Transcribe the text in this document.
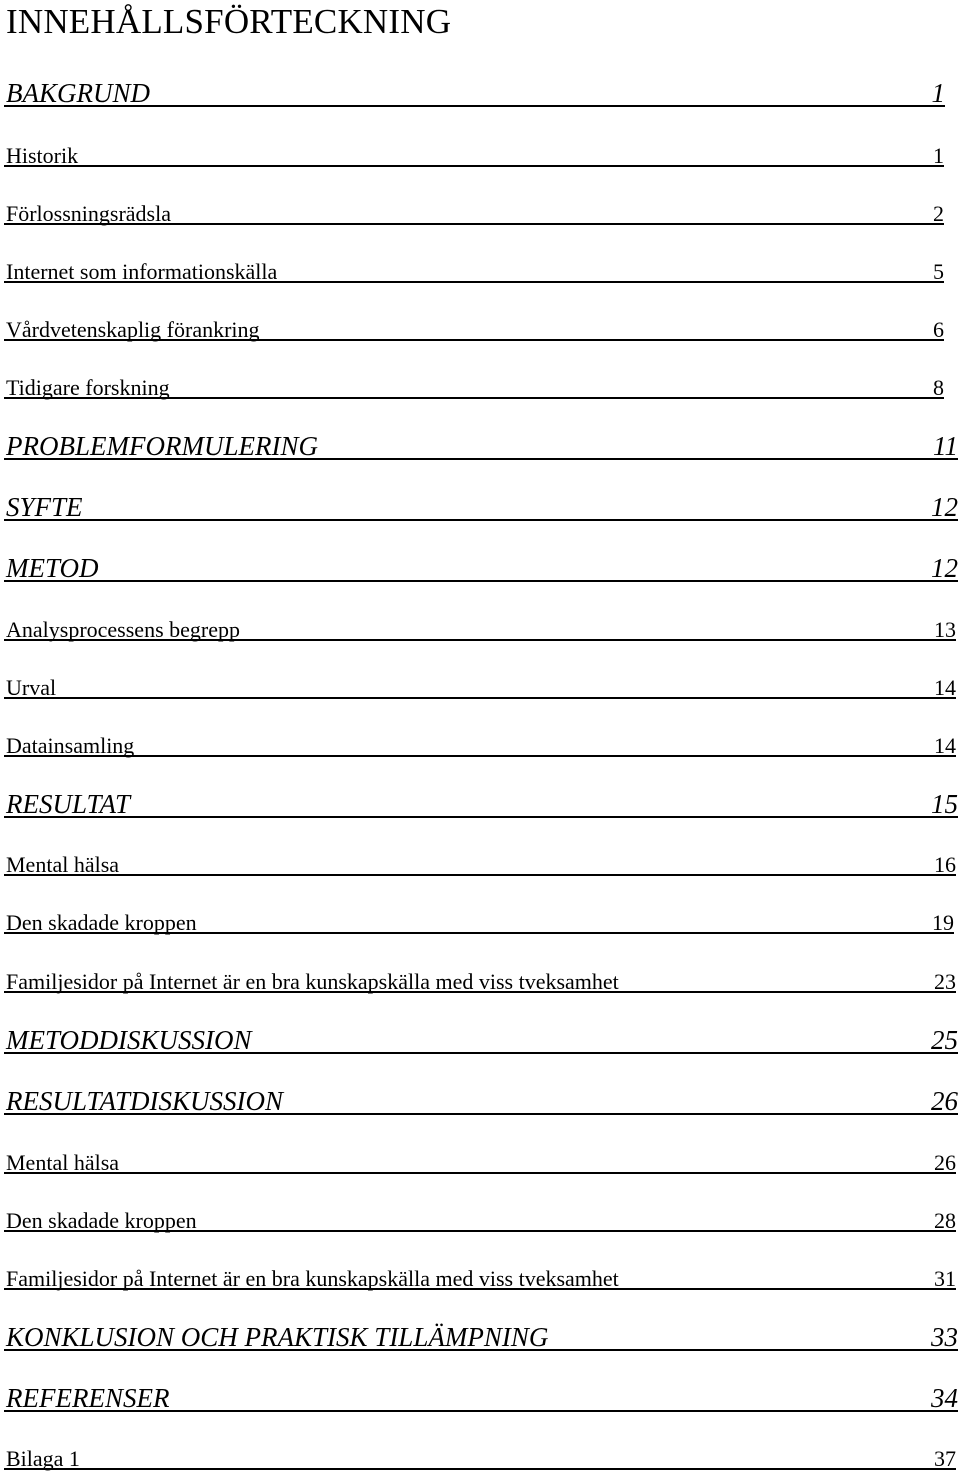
INNEHÅLLSFÖRTECKNING
BAKGRUND	1
Historik	1
Förlossningsrädsla	2
Internet som informationskälla	5
Vårdvetenskaplig förankring	6
Tidigare forskning	8
PROBLEMFORMULERING	11
SYFTE	12
METOD	12
Analysprocessens begrepp	13
Urval	14
Datainsamling	14
RESULTAT	15
Mental hälsa	16
Den skadade kroppen	19
Familjesidor på Internet är en bra kunskapskälla med viss tveksamhet	23
METODDISKUSSION	25
RESULTATDISKUSSION	26
Mental hälsa	26
Den skadade kroppen	28
Familjesidor på Internet är en bra kunskapskälla med viss tveksamhet	31
KONKLUSION OCH PRAKTISK TILLÄMPNING	33
REFERENSER	34
Bilaga 1	37
